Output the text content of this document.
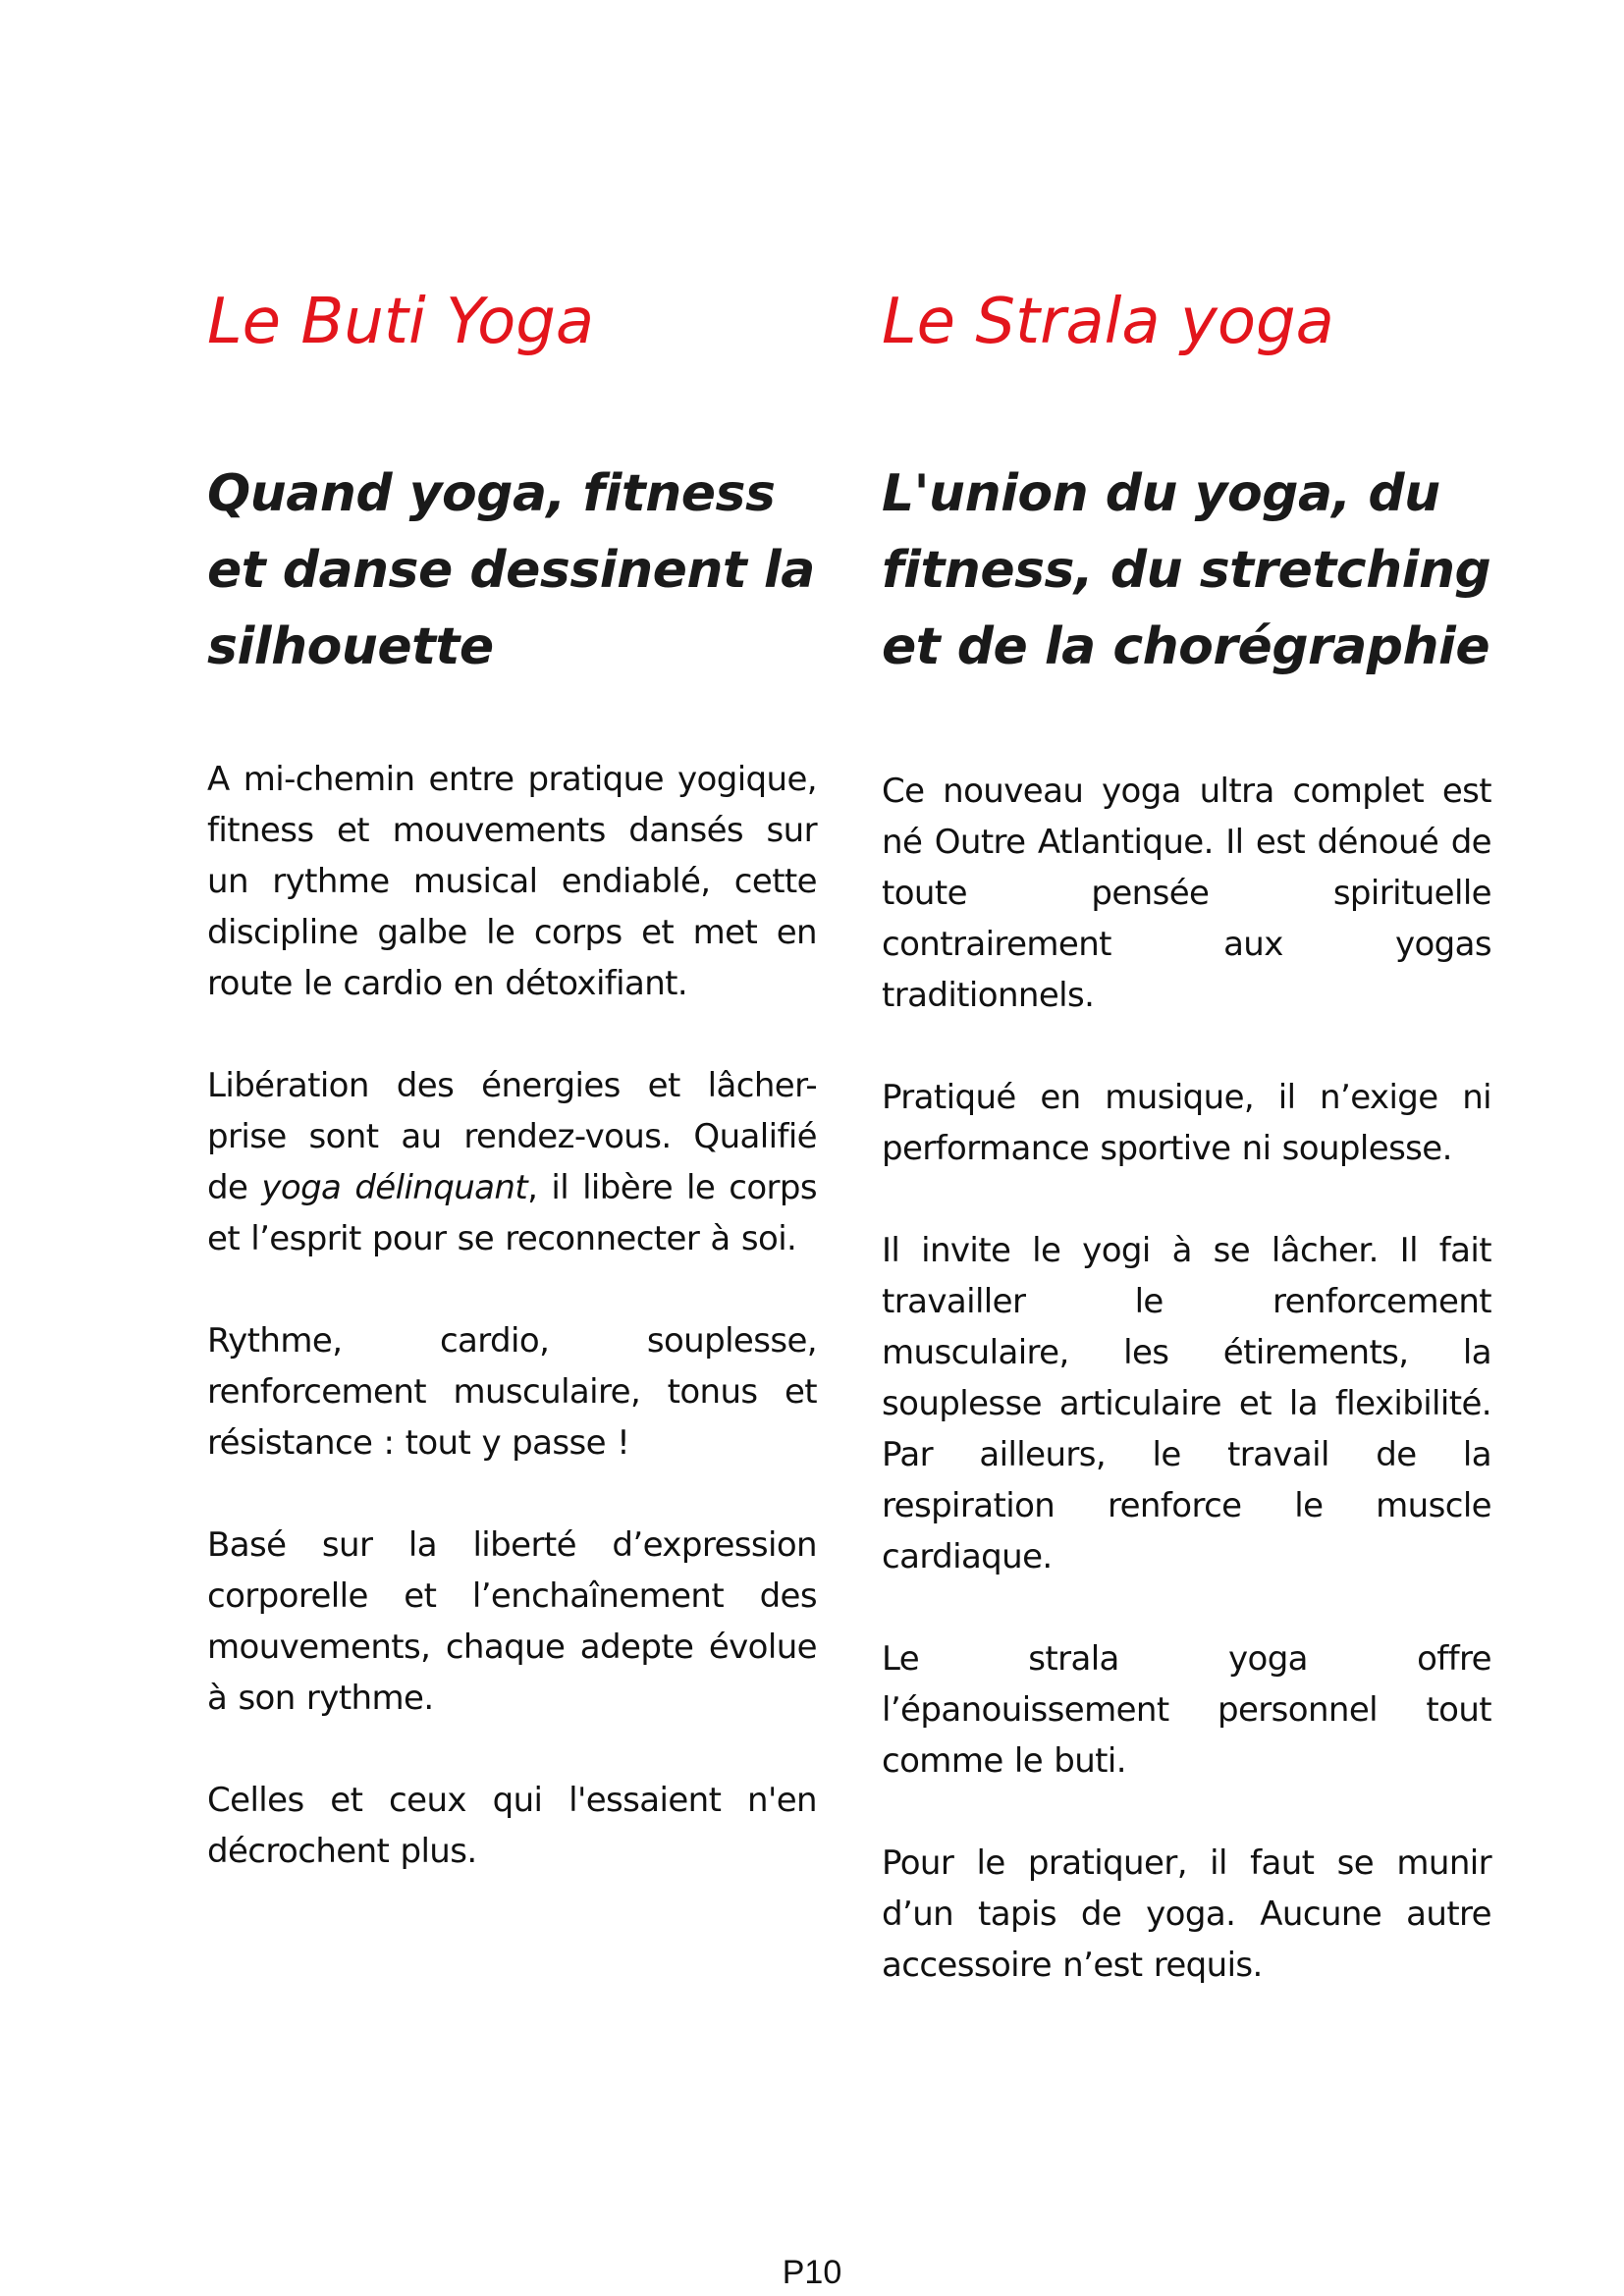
Le Buti Yoga
Quand yoga, fitness et danse dessinent la silhouette

A mi-chemin entre pratique yogique, fitness et mouvements dansés sur un rythme musical endiablé, cette discipline galbe le corps et met en route le cardio en détoxifiant.

Libération des énergies et lâcher-prise sont au rendez-vous. Qualifié de yoga délinquant, il libère le corps et l’esprit pour se reconnecter à soi.

Rythme, cardio, souplesse, renforcement musculaire, tonus et résistance : tout y passe !

Basé sur la liberté d’expression corporelle et l’enchaînement des mouvements, chaque adepte évolue à son rythme.

Celles et ceux qui l'essaient n'en décrochent plus.

Le Strala yoga
L'union du yoga, du fitness, du stretching et de la chorégraphie

Ce nouveau yoga ultra complet est né Outre Atlantique. Il est dénoué de toute pensée spirituelle contrairement aux yogas traditionnels.

Pratiqué en musique, il n’exige ni performance sportive ni souplesse.

Il invite le yogi à se lâcher. Il fait travailler le renforcement musculaire, les étirements, la souplesse articulaire et la flexibilité. Par ailleurs, le travail de la respiration renforce le muscle cardiaque.

Le strala yoga offre l’épanouissement personnel tout comme le buti.

Pour le pratiquer, il faut se munir d’un tapis de yoga. Aucune autre accessoire n’est requis.

P10
